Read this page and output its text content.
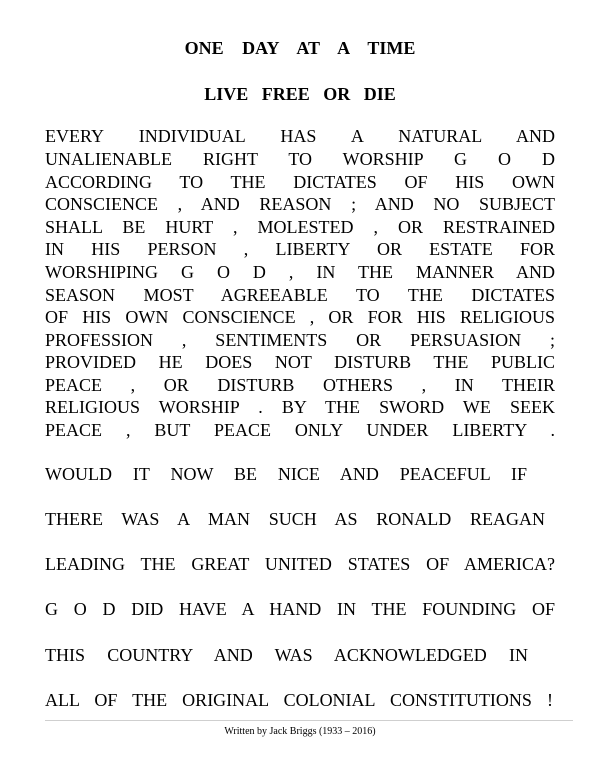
ONE DAY AT A TIME
LIVE FREE OR DIE
EVERY INDIVIDUAL HAS A NATURAL AND
UNALIENABLE RIGHT TO WORSHIP G O D
ACCORDING TO THE DICTATES OF HIS OWN
CONSCIENCE , AND REASON ; AND NO SUBJECT
SHALL BE HURT , MOLESTED , OR RESTRAINED
IN HIS PERSON , LIBERTY OR ESTATE FOR
WORSHIPING G O D , IN THE MANNER AND
SEASON MOST AGREEABLE TO THE DICTATES
OF HIS OWN CONSCIENCE , OR FOR HIS RELIGIOUS
PROFESSION , SENTIMENTS OR PERSUASION ;
PROVIDED HE DOES NOT DISTURB THE PUBLIC
PEACE , OR DISTURB OTHERS , IN THEIR
RELIGIOUS WORSHIP . BY THE SWORD WE SEEK
PEACE , BUT PEACE ONLY UNDER LIBERTY .
WOULD IT NOW BE NICE AND PEACEFUL IF
THERE WAS A MAN SUCH AS RONALD REAGAN
LEADING THE GREAT UNITED STATES OF AMERICA?
G O D DID HAVE A HAND IN THE FOUNDING OF
THIS COUNTRY AND WAS ACKNOWLEDGED IN
ALL OF THE ORIGINAL COLONIAL CONSTITUTIONS !
Written by Jack Briggs (1933 – 2016)
